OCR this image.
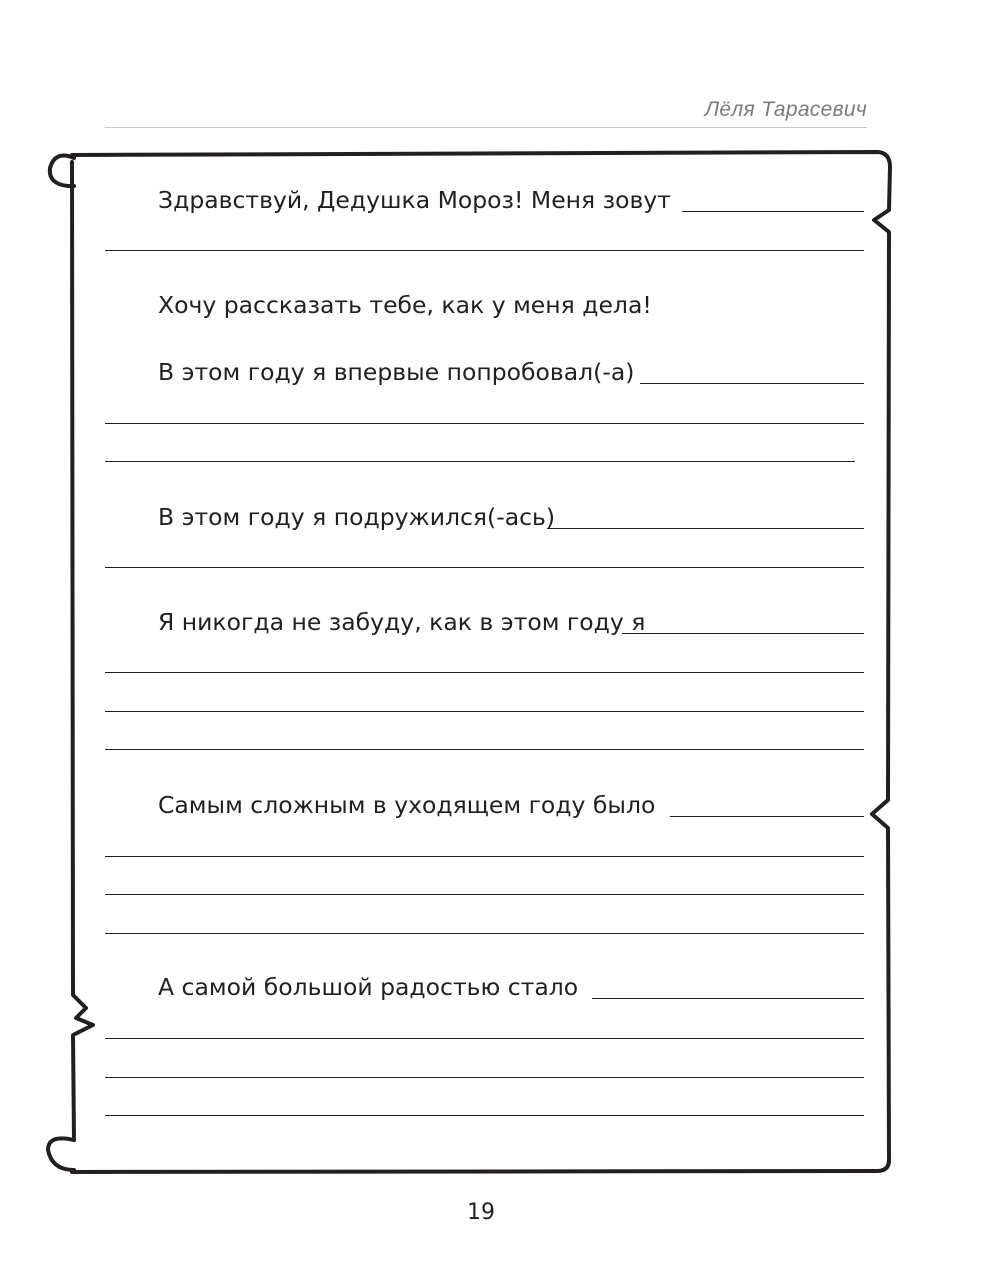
Лёля Тарасевич
Здравствуй, Дедушка Мороз! Меня зовут
Хочу рассказать тебе, как у меня дела!
В этом году я впервые попробовал(-а)
В этом году я подружился(-ась)
Я никогда не забуду, как в этом году я
Самым сложным в уходящем году было
А самой большой радостью стало
19
